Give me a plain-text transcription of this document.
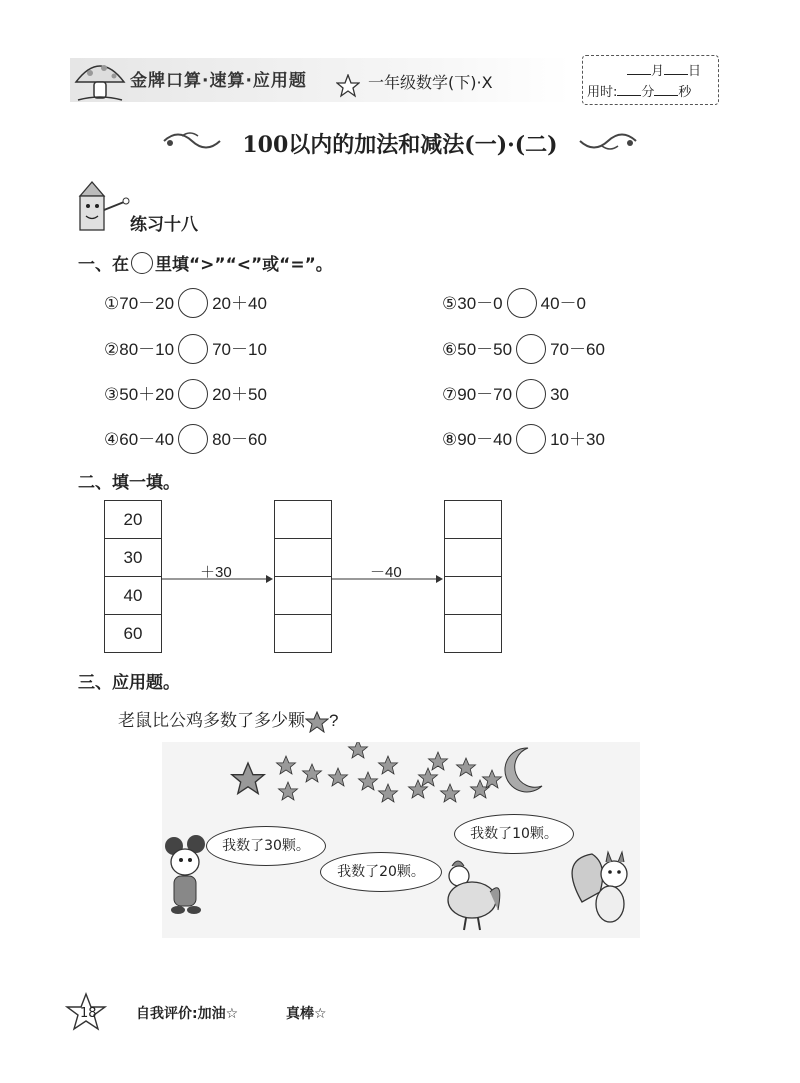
金牌口算·速算·应用题	一年级数学(下)·X
月 日
用时: 分 秒
100以内的加法和减法(一)·(二)
练习十八
一、在 里填“>”“<”或“=”。
①70－20 20＋40
②80－10 70－10
③50＋20 20＋50
④60－40 80－60
⑤30－0 40－0
⑥50－50 70－60
⑦90－70 30
⑧90－40 10＋30
二、填一填。
20
30
40
60
＋30	－40
三、应用题。
老鼠比公鸡多数了多少颗 ?
我数了30颗。
我数了20颗。
我数了10颗。
18	自我评价:加油☆	真棒☆
